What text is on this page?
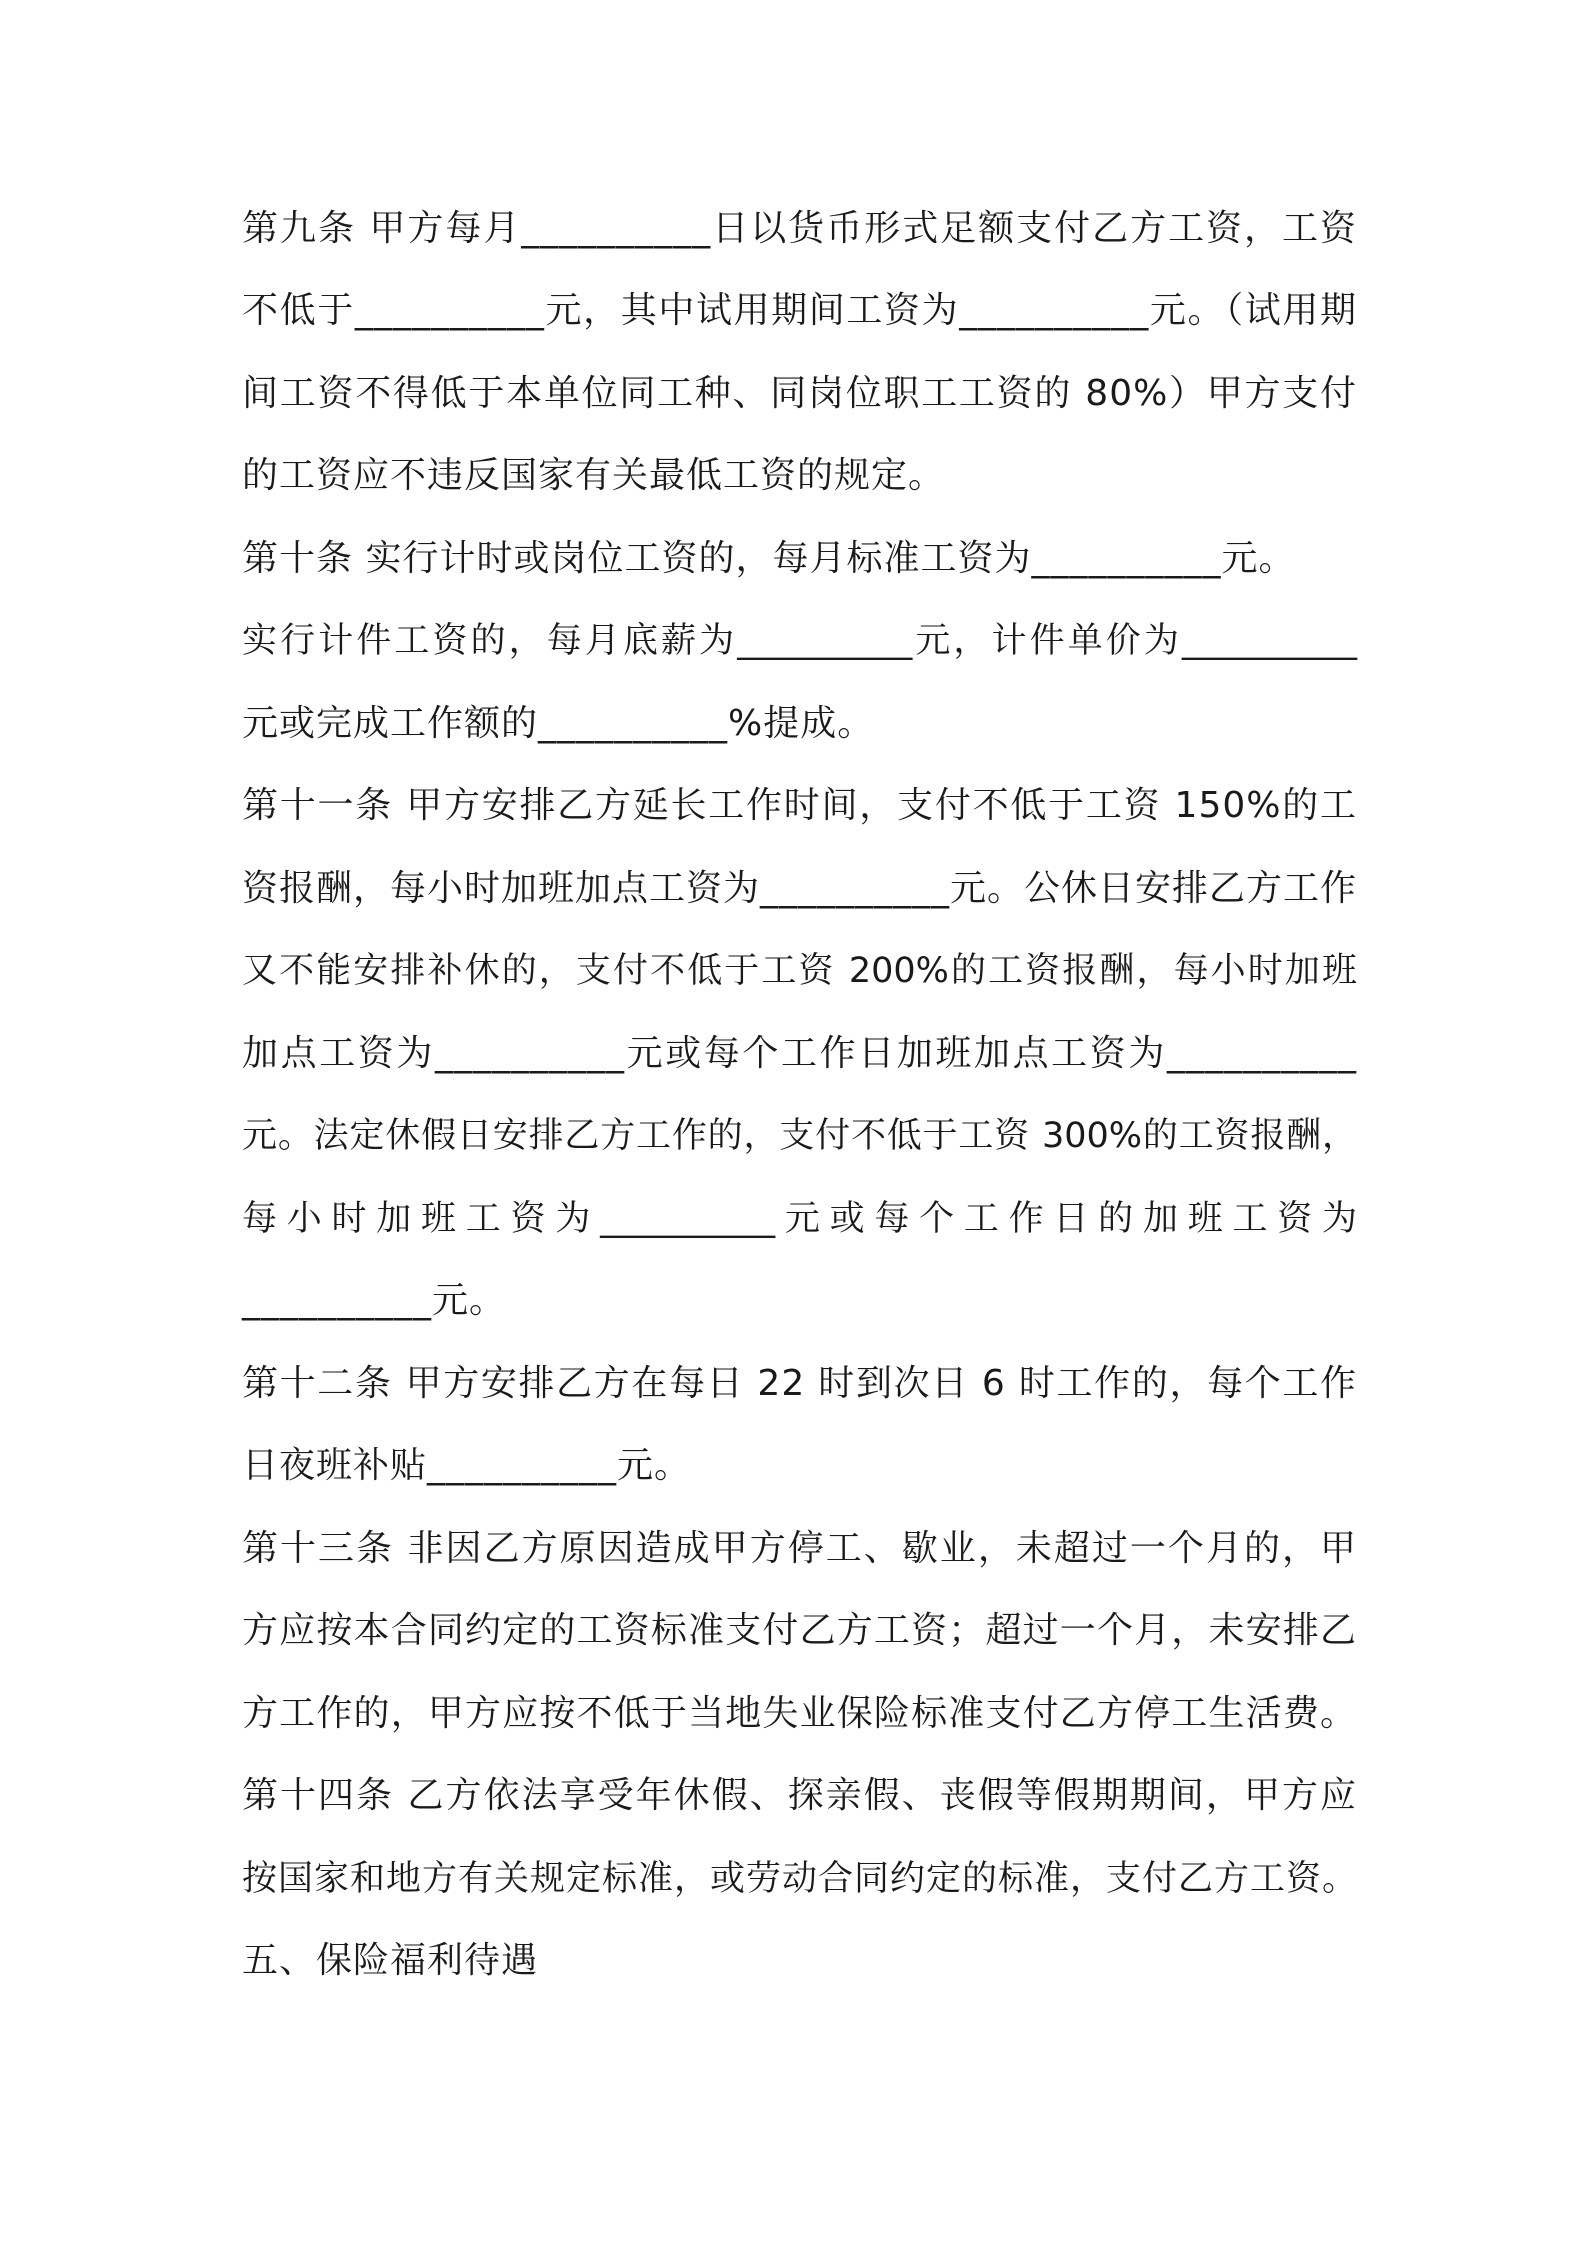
第九条 甲方每月__________日以货币形式足额支付乙方工资，工资
不低于__________元，其中试用期间工资为__________元。（试用期
间工资不得低于本单位同工种、同岗位职工工资的 80%）甲方支付
的工资应不违反国家有关最低工资的规定。
第十条 实行计时或岗位工资的，每月标准工资为__________元。
实行计件工资的，每月底薪为__________元，计件单价为__________
元或完成工作额的__________%提成。
第十一条 甲方安排乙方延长工作时间，支付不低于工资 150%的工
资报酬，每小时加班加点工资为__________元。公休日安排乙方工作
又不能安排补休的，支付不低于工资 200%的工资报酬，每小时加班
加点工资为__________元或每个工作日加班加点工资为__________
元。法定休假日安排乙方工作的，支付不低于工资 300%的工资报酬，
每小时加班工资为__________元或每个工作日的加班工资为
__________元。
第十二条 甲方安排乙方在每日 22 时到次日 6 时工作的，每个工作
日夜班补贴__________元。
第十三条 非因乙方原因造成甲方停工、歇业，未超过一个月的，甲
方应按本合同约定的工资标准支付乙方工资；超过一个月，未安排乙
方工作的，甲方应按不低于当地失业保险标准支付乙方停工生活费。
第十四条 乙方依法享受年休假、探亲假、丧假等假期期间，甲方应
按国家和地方有关规定标准，或劳动合同约定的标准，支付乙方工资。
五、保险福利待遇
